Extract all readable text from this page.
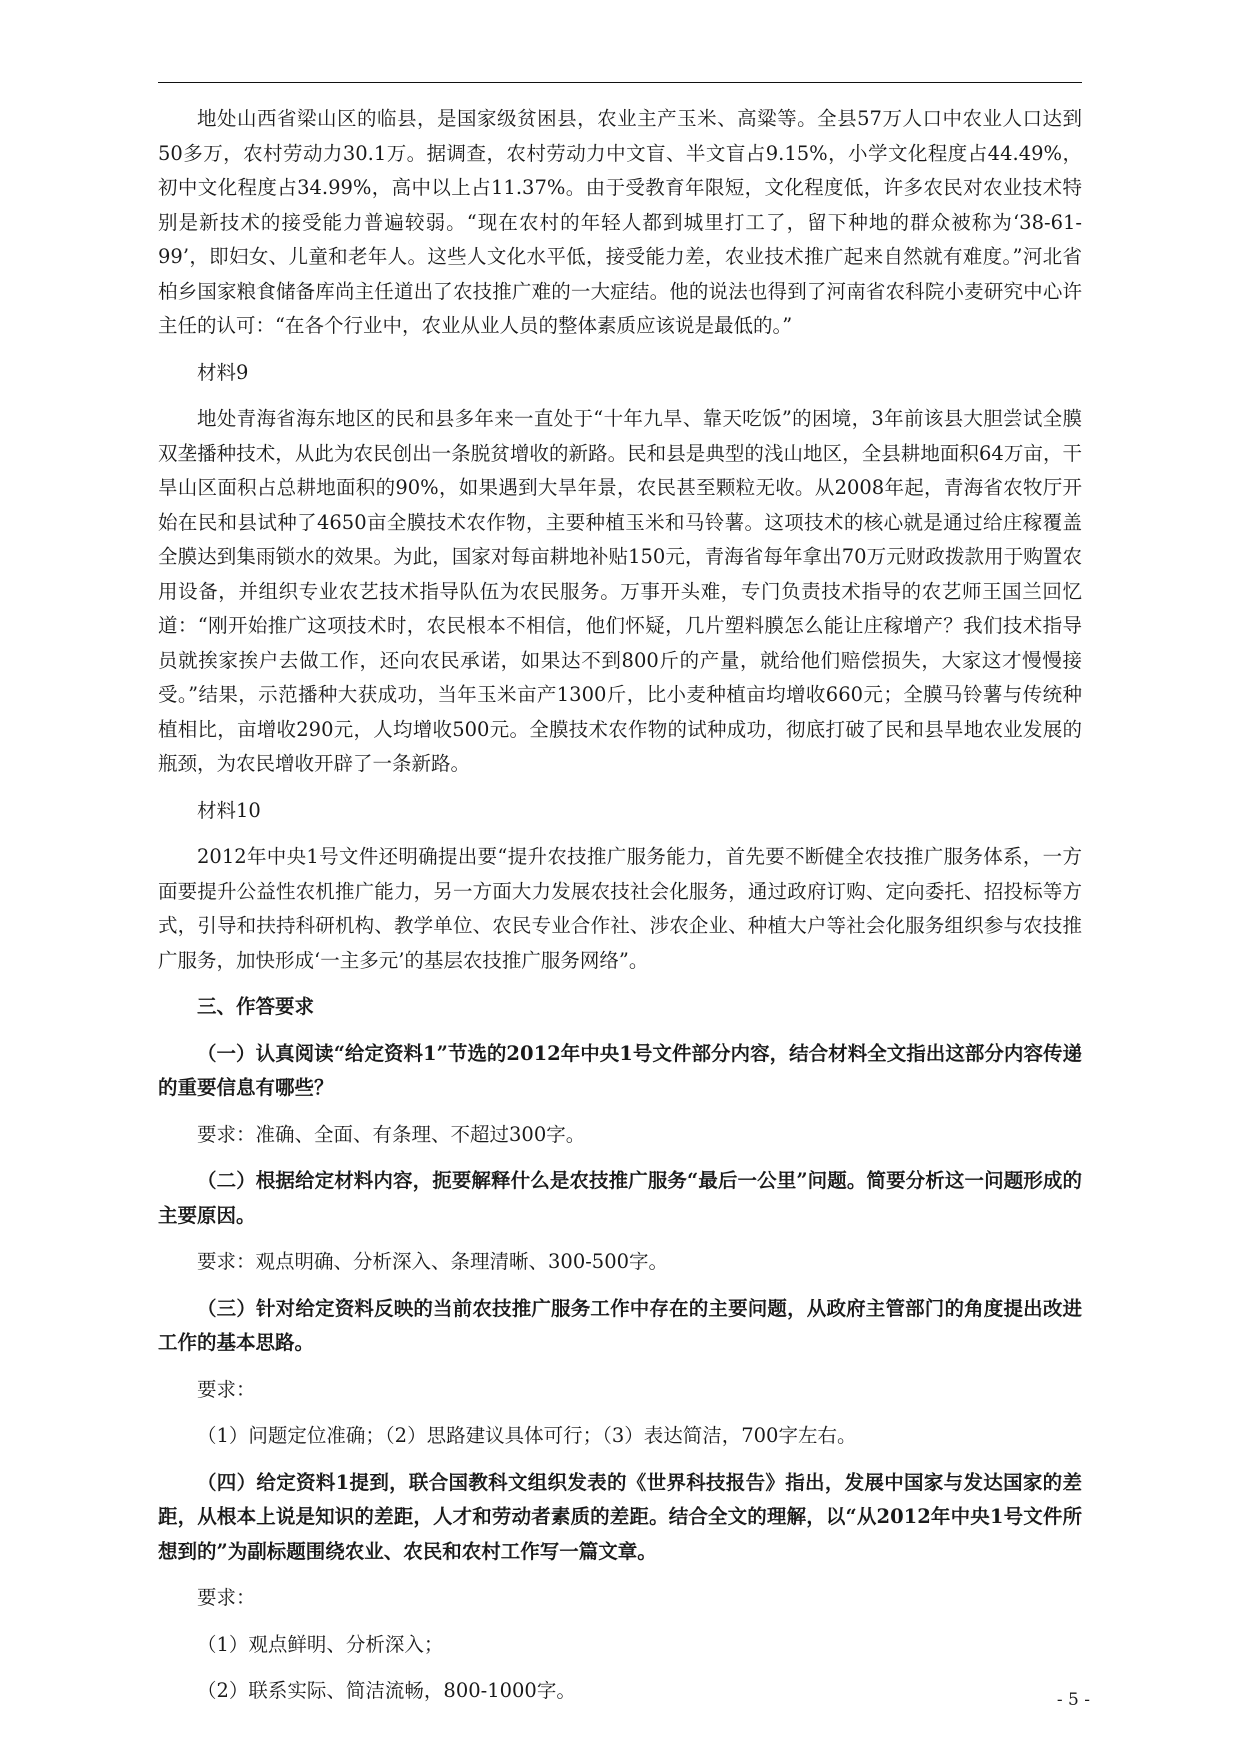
地处山西省梁山区的临县，是国家级贫困县，农业主产玉米、高粱等。全县57万人口中农业人口达到50多万，农村劳动力30.1万。据调查，农村劳动力中文盲、半文盲占9.15%，小学文化程度占44.49%，初中文化程度占34.99%，高中以上占11.37%。由于受教育年限短，文化程度低，许多农民对农业技术特别是新技术的接受能力普遍较弱。“现在农村的年轻人都到城里打工了，留下种地的群众被称为‘38-61-99’，即妇女、儿童和老年人。这些人文化水平低，接受能力差，农业技术推广起来自然就有难度。”河北省柏乡国家粮食储备库尚主任道出了农技推广难的一大症结。他的说法也得到了河南省农科院小麦研究中心许主任的认可：“在各个行业中，农业从业人员的整体素质应该说是最低的。”

材料9

地处青海省海东地区的民和县多年来一直处于“十年九旱、靠天吃饭”的困境，3年前该县大胆尝试全膜双垄播种技术，从此为农民创出一条脱贫增收的新路。民和县是典型的浅山地区，全县耕地面积64万亩，干旱山区面积占总耕地面积的90%，如果遇到大旱年景，农民甚至颗粒无收。从2008年起，青海省农牧厅开始在民和县试种了4650亩全膜技术农作物，主要种植玉米和马铃薯。这项技术的核心就是通过给庄稼覆盖全膜达到集雨锁水的效果。为此，国家对每亩耕地补贴150元，青海省每年拿出70万元财政拨款用于购置农用设备，并组织专业农艺技术指导队伍为农民服务。万事开头难，专门负责技术指导的农艺师王国兰回忆道：“刚开始推广这项技术时，农民根本不相信，他们怀疑，几片塑料膜怎么能让庄稼增产？我们技术指导员就挨家挨户去做工作，还向农民承诺，如果达不到800斤的产量，就给他们赔偿损失，大家这才慢慢接受。”结果，示范播种大获成功，当年玉米亩产1300斤，比小麦种植亩均增收660元；全膜马铃薯与传统种植相比，亩增收290元，人均增收500元。全膜技术农作物的试种成功，彻底打破了民和县旱地农业发展的瓶颈，为农民增收开辟了一条新路。

材料10

2012年中央1号文件还明确提出要“提升农技推广服务能力，首先要不断健全农技推广服务体系，一方面要提升公益性农机推广能力，另一方面大力发展农技社会化服务，通过政府订购、定向委托、招投标等方式，引导和扶持科研机构、教学单位、农民专业合作社、涉农企业、种植大户等社会化服务组织参与农技推广服务，加快形成‘一主多元’的基层农技推广服务网络”。

三、作答要求

（一）认真阅读“给定资料1”节选的2012年中央1号文件部分内容，结合材料全文指出这部分内容传递的重要信息有哪些？

要求：准确、全面、有条理、不超过300字。

（二）根据给定材料内容，扼要解释什么是农技推广服务“最后一公里”问题。简要分析这一问题形成的主要原因。

要求：观点明确、分析深入、条理清晰、300-500字。

（三）针对给定资料反映的当前农技推广服务工作中存在的主要问题，从政府主管部门的角度提出改进工作的基本思路。

要求：

（1）问题定位准确；（2）思路建议具体可行；（3）表达简洁，700字左右。

（四）给定资料1提到，联合国教科文组织发表的《世界科技报告》指出，发展中国家与发达国家的差距，从根本上说是知识的差距，人才和劳动者素质的差距。结合全文的理解，以“从2012年中央1号文件所想到的”为副标题围绕农业、农民和农村工作写一篇文章。

要求：

（1）观点鲜明、分析深入；

（2）联系实际、简洁流畅，800-1000字。	- 5 -
